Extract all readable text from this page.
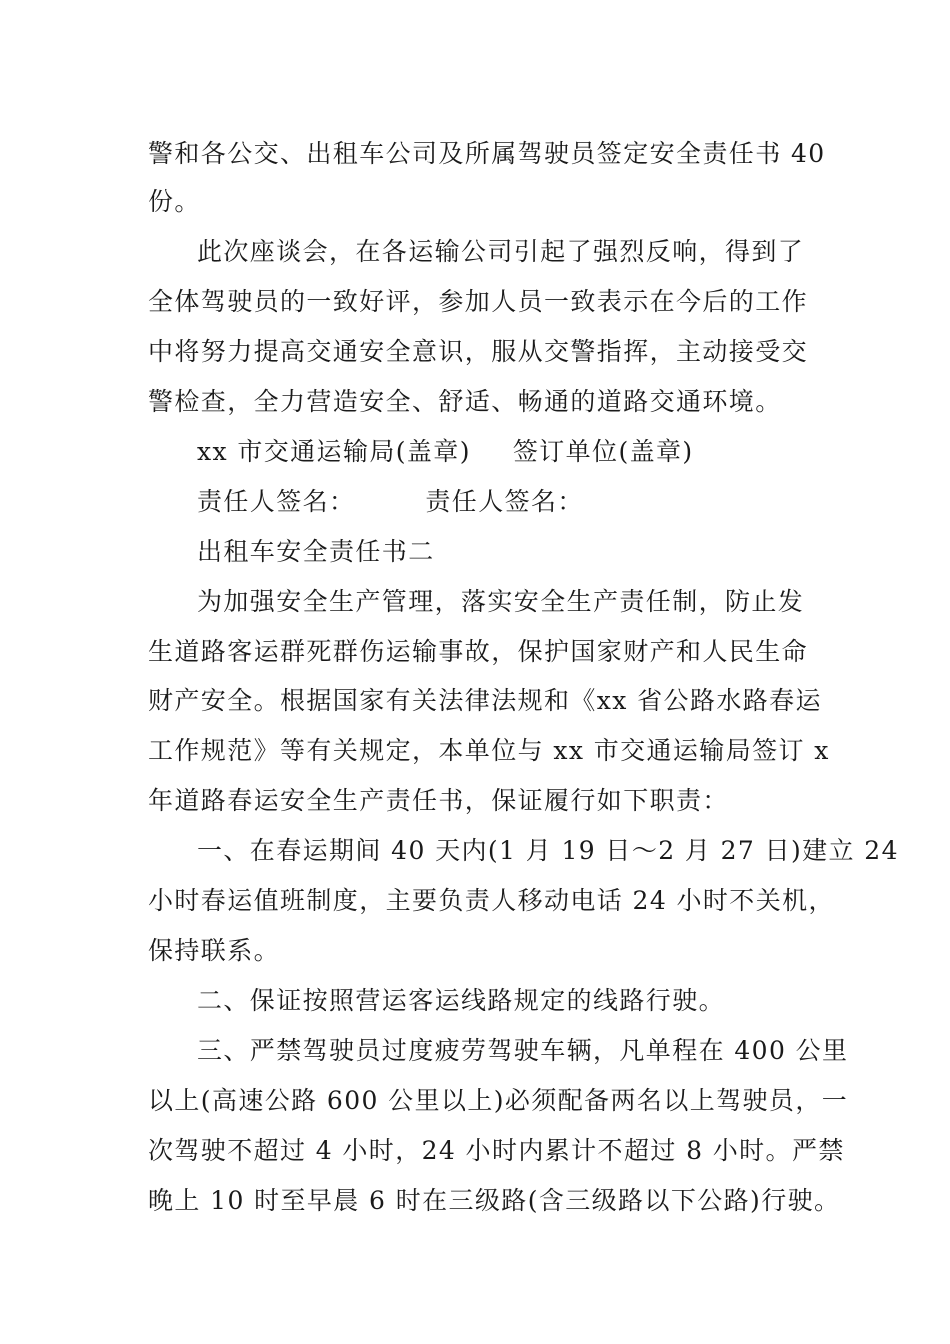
警和各公交、出租车公司及所属驾驶员签定安全责任书 40
份。
此次座谈会，在各运输公司引起了强烈反响，得到了
全体驾驶员的一致好评，参加人员一致表示在今后的工作
中将努力提高交通安全意识，服从交警指挥，主动接受交
警检查，全力营造安全、舒适、畅通的道路交通环境。
xx 市交通运输局(盖章) 签订单位(盖章)
责任人签名：	责任人签名：
出租车安全责任书二
为加强安全生产管理，落实安全生产责任制，防止发
生道路客运群死群伤运输事故，保护国家财产和人民生命
财产安全。根据国家有关法律法规和《xx 省公路水路春运
工作规范》等有关规定，本单位与 xx 市交通运输局签订 x
年道路春运安全生产责任书，保证履行如下职责：
一、在春运期间 40 天内(1 月 19 日～2 月 27 日)建立 24
小时春运值班制度，主要负责人移动电话 24 小时不关机，
保持联系。
二、保证按照营运客运线路规定的线路行驶。
三、严禁驾驶员过度疲劳驾驶车辆，凡单程在 400 公里
以上(高速公路 600 公里以上)必须配备两名以上驾驶员，一
次驾驶不超过 4 小时，24 小时内累计不超过 8 小时。严禁
晚上 10 时至早晨 6 时在三级路(含三级路以下公路)行驶。
